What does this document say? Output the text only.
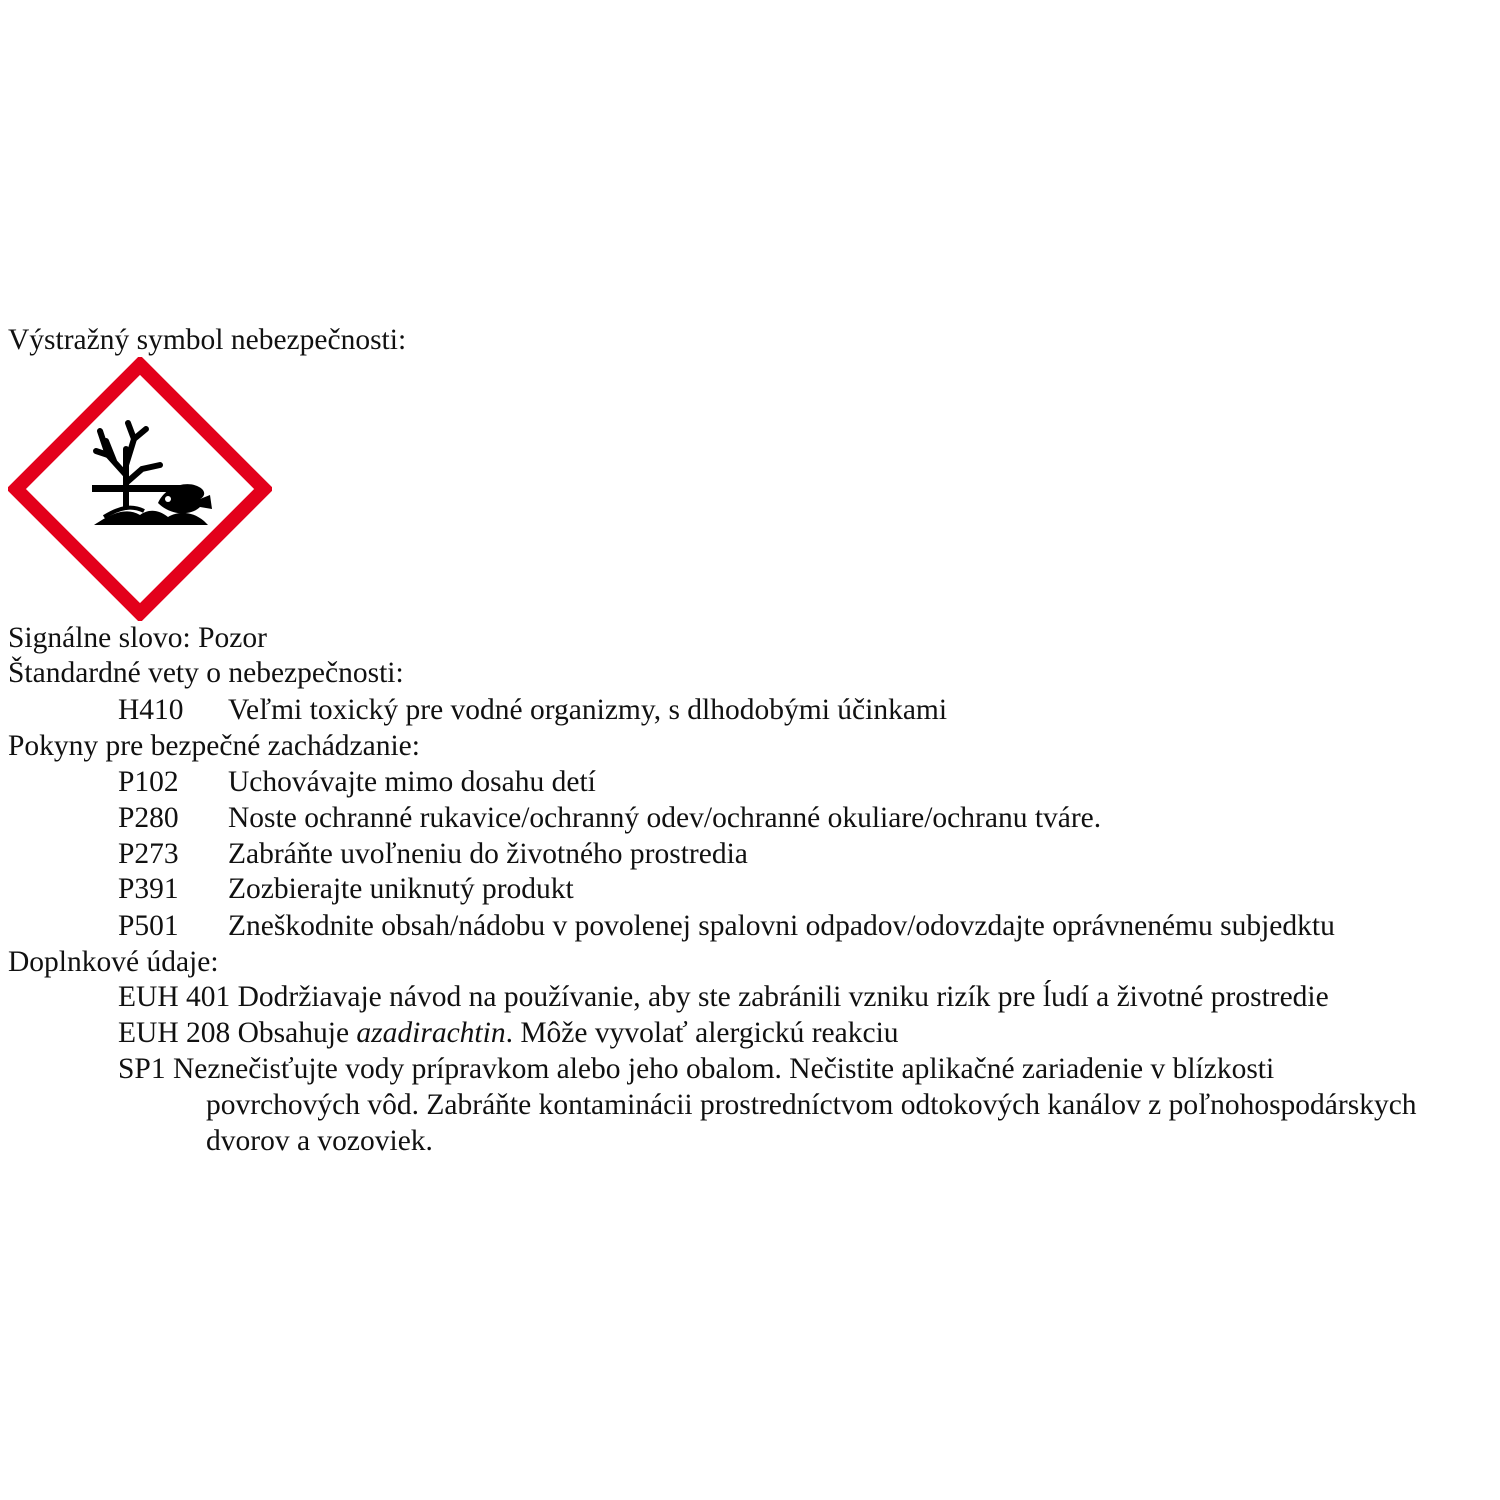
Výstražný symbol nebezpečnosti:
Signálne slovo: Pozor
Štandardné vety o nebezpečnosti:
H410 Veľmi toxický pre vodné organizmy, s dlhodobými účinkami
Pokyny pre bezpečné zachádzanie:
P102 Uchovávajte mimo dosahu detí
P280 Noste ochranné rukavice/ochranný odev/ochranné okuliare/ochranu tváre.
P273 Zabráňte uvoľneniu do životného prostredia
P391 Zozbierajte uniknutý produkt
P501 Zneškodnite obsah/nádobu v povolenej spalovni odpadov/odovzdajte oprávnenému subjedktu
Doplnkové údaje:
EUH 401 Dodržiavaje návod na používanie, aby ste zabránili vzniku rizík pre ĺudí a životné prostredie
EUH 208 Obsahuje azadirachtin. Môže vyvolať alergickú reakciu
SP1 Neznečisťujte vody prípravkom alebo jeho obalom. Nečistite aplikačné zariadenie v blízkosti
povrchových vôd. Zabráňte kontaminácii prostredníctvom odtokových kanálov z poľnohospodárskych
dvorov a vozoviek.
